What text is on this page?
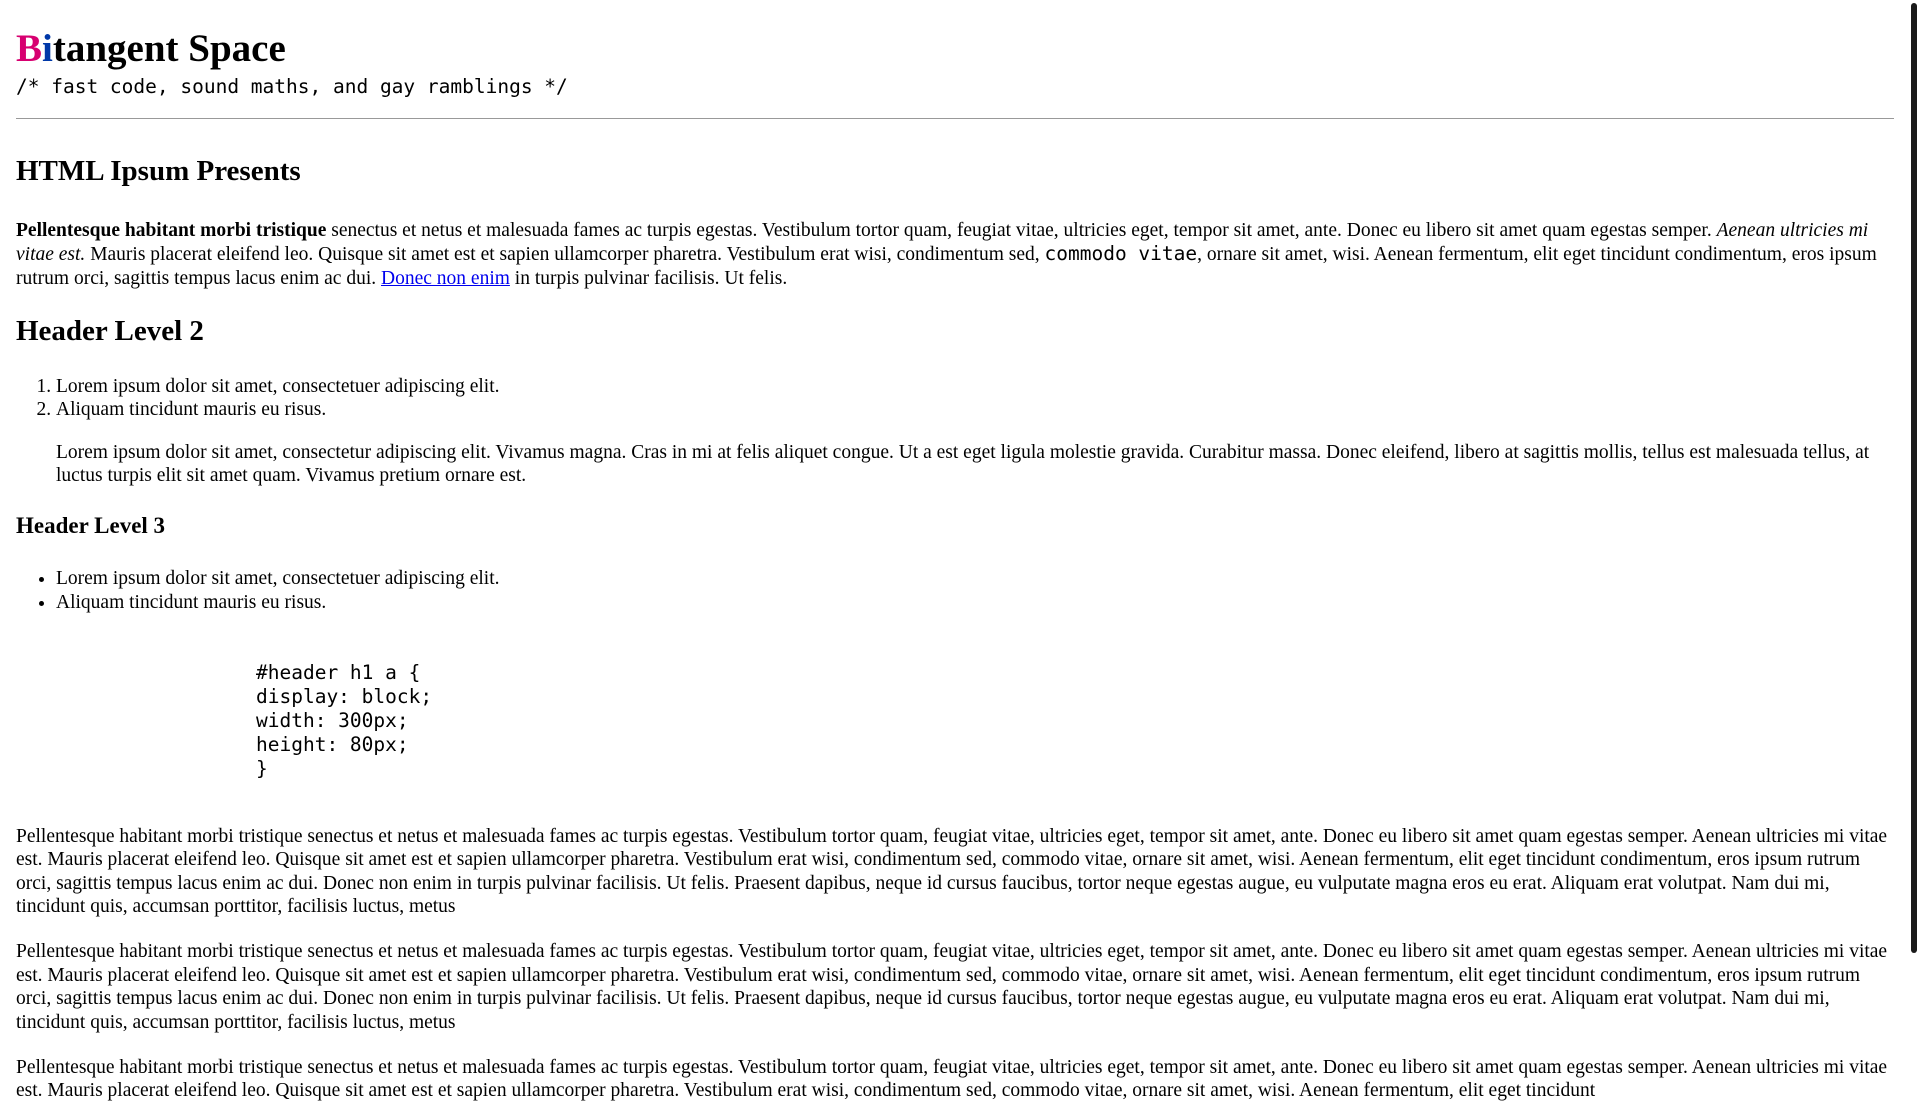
Bitangent Space
/* fast code, sound maths, and gay ramblings */
HTML Ipsum Presents

Pellentesque habitant morbi tristique senectus et netus et malesuada fames ac turpis egestas. Vestibulum tortor quam, feugiat vitae, ultricies eget, tempor sit amet, ante. Donec eu libero sit amet quam egestas semper. Aenean ultricies mi vitae est. Mauris placerat eleifend leo. Quisque sit amet est et sapien ullamcorper pharetra. Vestibulum erat wisi, condimentum sed, commodo vitae, ornare sit amet, wisi. Aenean fermentum, elit eget tincidunt condimentum, eros ipsum rutrum orci, sagittis tempus lacus enim ac dui. Donec non enim in turpis pulvinar facilisis. Ut felis.

Header Level 2
1. Lorem ipsum dolor sit amet, consectetuer adipiscing elit.
2. Aliquam tincidunt mauris eu risus.
Lorem ipsum dolor sit amet, consectetur adipiscing elit. Vivamus magna. Cras in mi at felis aliquet congue. Ut a est eget ligula molestie gravida. Curabitur massa. Donec eleifend, libero at sagittis mollis, tellus est malesuada tellus, at luctus turpis elit sit amet quam. Vivamus pretium ornare est.
Header Level 3
• Lorem ipsum dolor sit amet, consectetuer adipiscing elit.
• Aliquam tincidunt mauris eu risus.
#header h1 a {
display: block;
width: 300px;
height: 80px;
}

Pellentesque habitant morbi tristique senectus et netus et malesuada fames ac turpis egestas. Vestibulum tortor quam, feugiat vitae, ultricies eget, tempor sit amet, ante. Donec eu libero sit amet quam egestas semper. Aenean ultricies mi vitae est. Mauris placerat eleifend leo. Quisque sit amet est et sapien ullamcorper pharetra. Vestibulum erat wisi, condimentum sed, commodo vitae, ornare sit amet, wisi. Aenean fermentum, elit eget tincidunt condimentum, eros ipsum rutrum orci, sagittis tempus lacus enim ac dui. Donec non enim in turpis pulvinar facilisis. Ut felis. Praesent dapibus, neque id cursus faucibus, tortor neque egestas augue, eu vulputate magna eros eu erat. Aliquam erat volutpat. Nam dui mi, tincidunt quis, accumsan porttitor, facilisis luctus, metus

Pellentesque habitant morbi tristique senectus et netus et malesuada fames ac turpis egestas. Vestibulum tortor quam, feugiat vitae, ultricies eget, tempor sit amet, ante. Donec eu libero sit amet quam egestas semper. Aenean ultricies mi vitae est. Mauris placerat eleifend leo. Quisque sit amet est et sapien ullamcorper pharetra. Vestibulum erat wisi, condimentum sed, commodo vitae, ornare sit amet, wisi. Aenean fermentum, elit eget tincidunt condimentum, eros ipsum rutrum orci, sagittis tempus lacus enim ac dui. Donec non enim in turpis pulvinar facilisis. Ut felis. Praesent dapibus, neque id cursus faucibus, tortor neque egestas augue, eu vulputate magna eros eu erat. Aliquam erat volutpat. Nam dui mi, tincidunt quis, accumsan porttitor, facilisis luctus, metus

Pellentesque habitant morbi tristique senectus et netus et malesuada fames ac turpis egestas. Vestibulum tortor quam, feugiat vitae, ultricies eget, tempor sit amet, ante. Donec eu libero sit amet quam egestas semper. Aenean ultricies mi vitae est. Mauris placerat eleifend leo. Quisque sit amet est et sapien ullamcorper pharetra. Vestibulum erat wisi, condimentum sed, commodo vitae, ornare sit amet, wisi. Aenean fermentum, elit eget tincidunt
